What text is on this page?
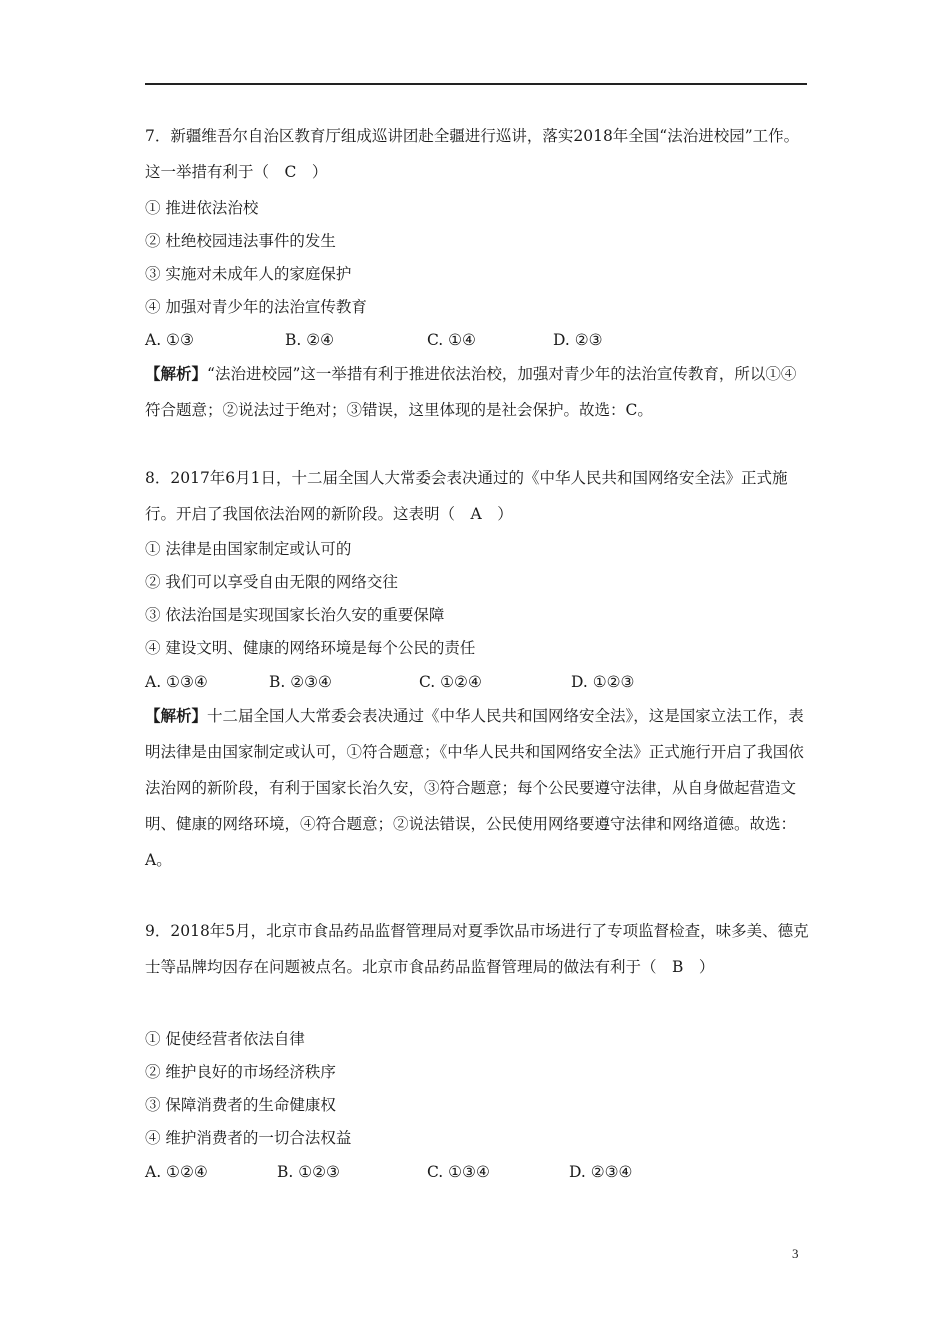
7．新疆维吾尔自治区教育厅组成巡讲团赴全疆进行巡讲，落实2018年全国“法治进校园”工作。这一举措有利于（　C　）

① 推进依法治校
② 杜绝校园违法事件的发生
③ 实施对未成年人的家庭保护
④ 加强对青少年的法治宣传教育
A. ①③	B. ②④	C. ①④	D. ②③

【解析】“法治进校园”这一举措有利于推进依法治校，加强对青少年的法治宣传教育，所以①④符合题意；②说法过于绝对；③错误，这里体现的是社会保护。故选：C。

8．2017年6月1日，十二届全国人大常委会表决通过的《中华人民共和国网络安全法》正式施行。开启了我国依法治网的新阶段。这表明（　A　）

① 法律是由国家制定或认可的
② 我们可以享受自由无限的网络交往
③ 依法治国是实现国家长治久安的重要保障
④ 建设文明、健康的网络环境是每个公民的责任
A. ①③④	B. ②③④	C. ①②④	D. ①②③

【解析】十二届全国人大常委会表决通过《中华人民共和国网络安全法》，这是国家立法工作，表明法律是由国家制定或认可，①符合题意；《中华人民共和国网络安全法》正式施行开启了我国依法治网的新阶段，有利于国家长治久安，③符合题意；每个公民要遵守法律，从自身做起营造文明、健康的网络环境，④符合题意；②说法错误，公民使用网络要遵守法律和网络道德。故选：A。

9．2018年5月，北京市食品药品监督管理局对夏季饮品市场进行了专项监督检查，味多美、德克士等品牌均因存在问题被点名。北京市食品药品监督管理局的做法有利于（　B　）

① 促使经营者依法自律
② 维护良好的市场经济秩序
③ 保障消费者的生命健康权
④ 维护消费者的一切合法权益
A. ①②④	B. ①②③	C. ①③④	D. ②③④
3
